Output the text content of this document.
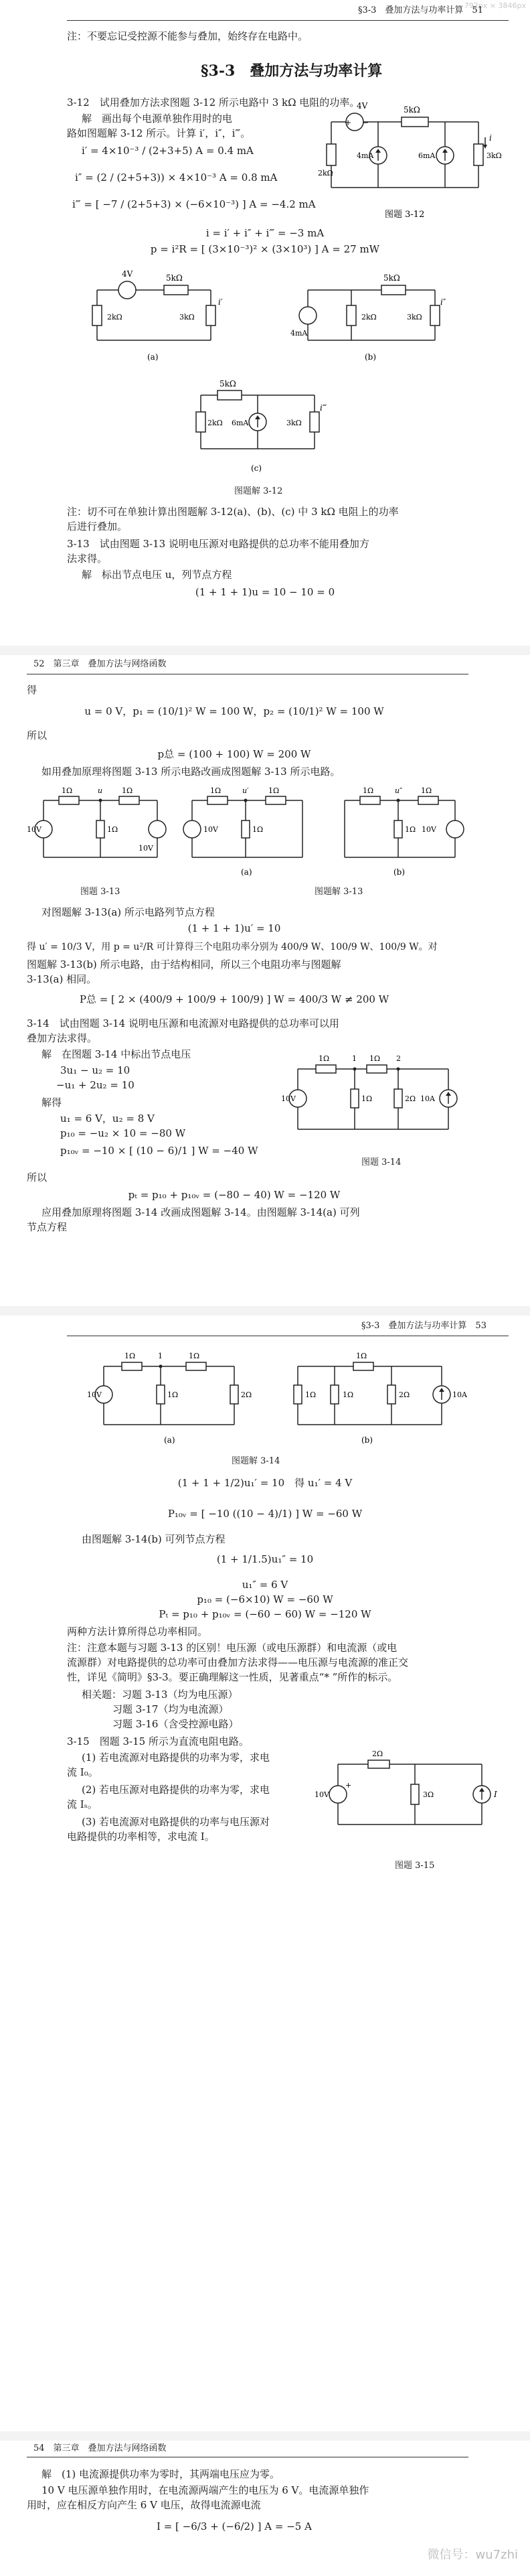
792px × 3846px
§3-3　叠加方法与功率计算　51
注：不要忘记受控源不能参与叠加，始终存在电路中。
§3-3　叠加方法与功率计算
3-12　试用叠加方法求图题 3-12 所示电路中 3 kΩ 电阻的功率。
解　画出每个电源单独作用时的电
路如图题解 3-12 所示。计算 i′，i″，i‴。
i′ = 4×10⁻³ / (2+3+5) A = 0.4 mA
i″ = (2 / (2+5+3)) × 4×10⁻³ A = 0.8 mA
i‴ = [ −7 / (2+5+3) × (−6×10⁻³) ] A = −4.2 mA
4V
+ −
5kΩ
2kΩ
4mA	6mA	3kΩ
i
图题 3-12
i = i′ + i″ + i‴ = −3 mA
p = i²R = [ (3×10⁻³)² × (3×10³) ] A = 27 mW
4V	5kΩ
2kΩ	3kΩ
i′
(a)
5kΩ
2kΩ	3kΩ
4mA
i″
(b)
5kΩ
2kΩ 6mA	3kΩ
i‴
(c)
图题解 3-12
注：切不可在单独计算出图题解 3-12(a)、(b)、(c) 中 3 kΩ 电阻上的功率
后进行叠加。
3-13　试由图题 3-13 说明电压源对电路提供的总功率不能用叠加方
法求得。
解　标出节点电压 u，列节点方程
(1 + 1 + 1)u = 10 − 10 = 0
52　第三章　叠加方法与网络函数
得
u = 0 V，p₁ = (10/1)² W = 100 W，p₂ = (10/1)² W = 100 W
所以
p总 = (100 + 100) W = 200 W
如用叠加原理将图题 3-13 所示电路改画成图题解 3-13 所示电路。
1Ω	1Ω
u
1Ω
10V
10V
1Ω	1Ω
u′
1Ω
10V
(a)
1Ω	1Ω
u″
1Ω 10V
(b)
图题 3-13	图题解 3-13
对图题解 3-13(a) 所示电路列节点方程
(1 + 1 + 1)u′ = 10
得 u′ = 10/3 V，用 p = u²/R 可计算得三个电阻功率分别为 400/9 W、100/9 W、100/9 W。对
图题解 3-13(b) 所示电路，由于结构相同，所以三个电阻功率与图题解
3-13(a) 相同。
P总 = [ 2 × (400/9 + 100/9 + 100/9) ] W = 400/3 W ≠ 200 W
3-14　试由图题 3-14 说明电压源和电流源对电路提供的总功率可以用
叠加方法求得。
解　在图题 3-14 中标出节点电压
3u₁ − u₂ = 10
−u₁ + 2u₂ = 10
解得
u₁ = 6 V，u₂ = 8 V
p₁₀ = −u₂ × 10 = −80 W
p₁₀ᵥ = −10 × [ (10 − 6)/1 ] W = −40 W
1Ω	1Ω
1	2
1Ω	2Ω
10V	10A
图题 3-14
所以
pₜ = p₁₀ + p₁₀ᵥ = (−80 − 40) W = −120 W
应用叠加原理将图题 3-14 改画成图题解 3-14。由图题解 3-14(a) 可列
节点方程
§3-3　叠加方法与功率计算　53
1Ω	1Ω
1
1Ω	2Ω
10V
(a)
1Ω
1Ω	1Ω	2Ω	10A
(b)
图题解 3-14
(1 + 1 + 1/2)u₁′ = 10　得 u₁′ = 4 V
P₁₀ᵥ = [ −10 ((10 − 4)/1) ] W = −60 W
由图题解 3-14(b) 可列节点方程
(1 + 1/1.5)u₁″ = 10
u₁″ = 6 V
p₁₀ = (−6×10) W = −60 W
Pₜ = p₁₀ + p₁₀ᵥ = (−60 − 60) W = −120 W
两种方法计算所得总功率相同。
注：注意本题与习题 3-13 的区别！电压源（或电压源群）和电流源（或电
流源群）对电路提供的总功率可由叠加方法求得——电压源与电流源的准正交
性，详见《简明》§3-3。要正确理解这一性质，见著重点“* ”所作的标示。
相关题：习题 3-13（均为电压源）
习题 3-17（均为电流源）
习题 3-16（含受控源电路）
3-15　图题 3-15 所示为直流电阻电路。
(1) 若电流源对电路提供的功率为零，求电
流 I₀。
(2) 若电压源对电路提供的功率为零，求电
流 Iₛ。
(3) 若电流源对电路提供的功率与电压源对
电路提供的功率相等，求电流 I。
2Ω
3Ω
10V	I
+
图题 3-15
54　第三章　叠加方法与网络函数
解　(1) 电流源提供功率为零时，其两端电压应为零。
10 V 电压源单独作用时，在电流源两端产生的电压为 6 V。电流源单独作
用时，应在相反方向产生 6 V 电压，故得电流源电流
I = [ −6/3 + (−6/2) ] A = −5 A
微信号：wu7zhi
